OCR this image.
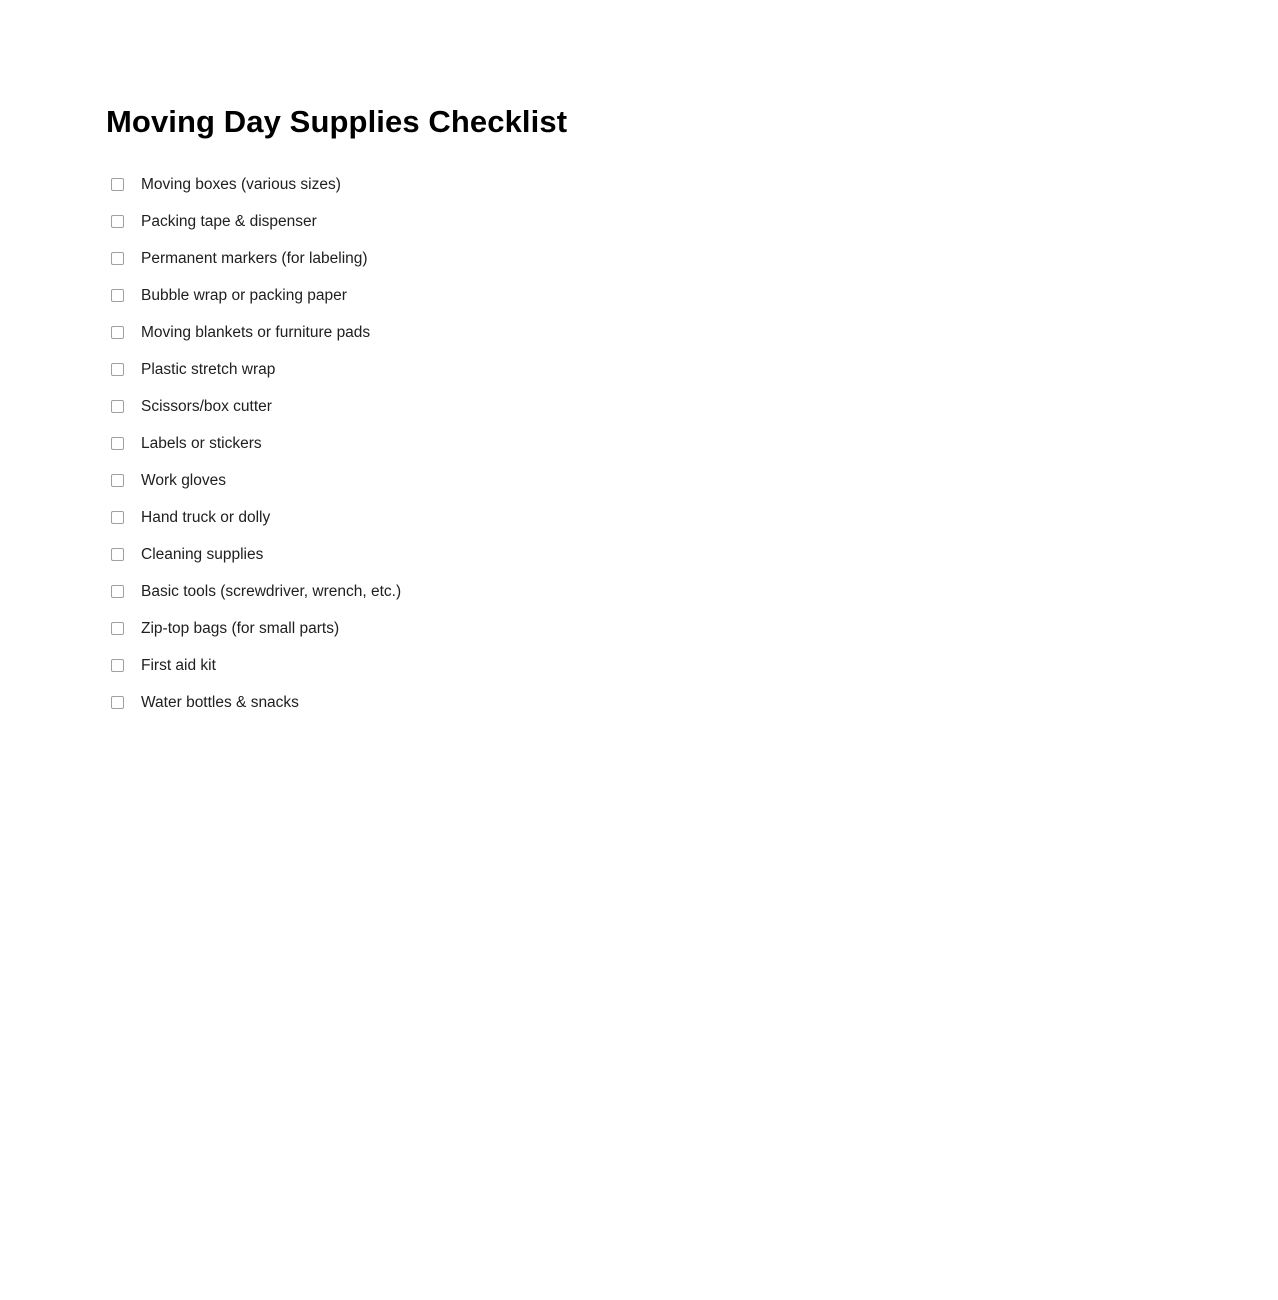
Moving Day Supplies Checklist
Moving boxes (various sizes)
Packing tape & dispenser
Permanent markers (for labeling)
Bubble wrap or packing paper
Moving blankets or furniture pads
Plastic stretch wrap
Scissors/box cutter
Labels or stickers
Work gloves
Hand truck or dolly
Cleaning supplies
Basic tools (screwdriver, wrench, etc.)
Zip-top bags (for small parts)
First aid kit
Water bottles & snacks
